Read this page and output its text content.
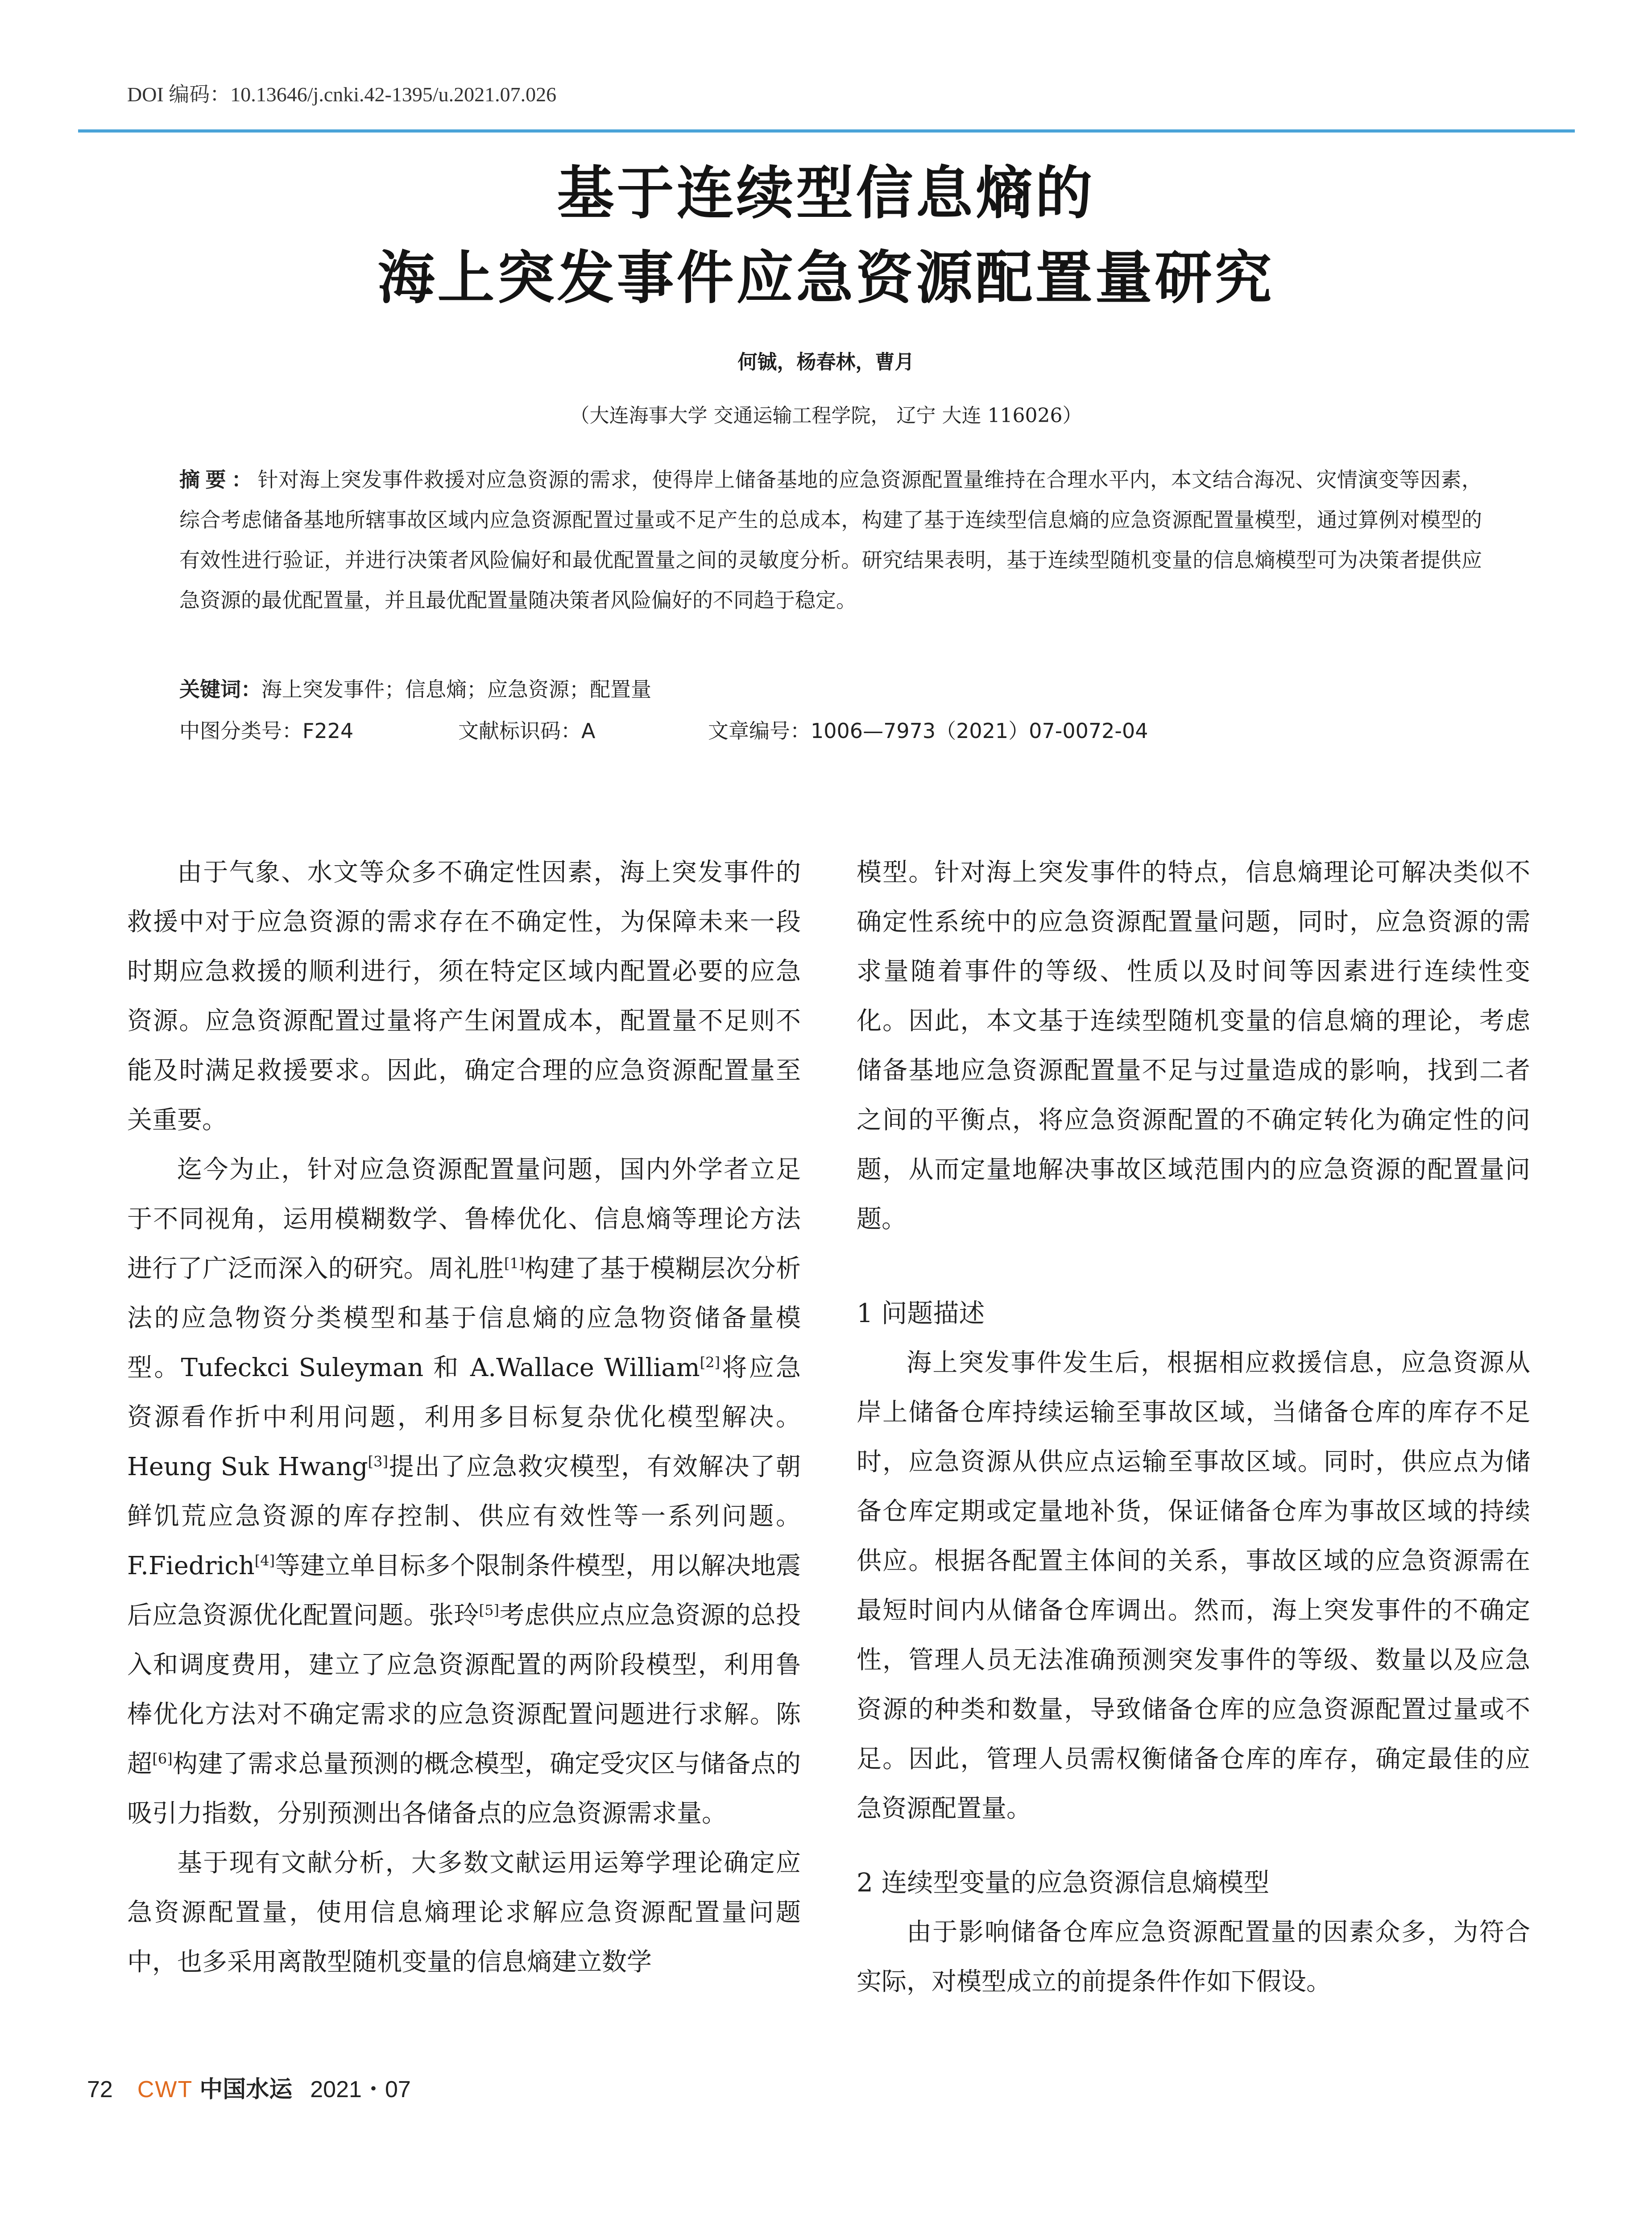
DOI 编码：10.13646/j.cnki.42-1395/u.2021.07.026
基于连续型信息熵的
海上突发事件应急资源配置量研究
何铖，杨春林，曹月
（大连海事大学 交通运输工程学院， 辽宁 大连 116026）
摘要：针对海上突发事件救援对应急资源的需求，使得岸上储备基地的应急资源配置量维持在合理水平内，本文结合海况、灾情演变等因素，综合考虑储备基地所辖事故区域内应急资源配置过量或不足产生的总成本，构建了基于连续型信息熵的应急资源配置量模型，通过算例对模型的有效性进行验证，并进行决策者风险偏好和最优配置量之间的灵敏度分析。研究结果表明，基于连续型随机变量的信息熵模型可为决策者提供应急资源的最优配置量，并且最优配置量随决策者风险偏好的不同趋于稳定。
关键词：海上突发事件；信息熵；应急资源；配置量
中图分类号：F224	文献标识码：A	文章编号：1006—7973（2021）07-0072-04

由于气象、水文等众多不确定性因素，海上突发事件的救援中对于应急资源的需求存在不确定性，为保障未来一段时期应急救援的顺利进行，须在特定区域内配置必要的应急资源。应急资源配置过量将产生闲置成本，配置量不足则不能及时满足救援要求。因此，确定合理的应急资源配置量至关重要。

迄今为止，针对应急资源配置量问题，国内外学者立足于不同视角，运用模糊数学、鲁棒优化、信息熵等理论方法进行了广泛而深入的研究。周礼胜[1]构建了基于模糊层次分析法的应急物资分类模型和基于信息熵的应急物资储备量模型。Tufeckci Suleyman 和 A.Wallace William[2]将应急资源看作折中利用问题，利用多目标复杂优化模型解决。Heung Suk Hwang[3]提出了应急救灾模型，有效解决了朝鲜饥荒应急资源的库存控制、供应有效性等一系列问题。F.Fiedrich[4]等建立单目标多个限制条件模型，用以解决地震后应急资源优化配置问题。张玲[5]考虑供应点应急资源的总投入和调度费用，建立了应急资源配置的两阶段模型，利用鲁棒优化方法对不确定需求的应急资源配置问题进行求解。陈超[6]构建了需求总量预测的概念模型，确定受灾区与储备点的吸引力指数，分别预测出各储备点的应急资源需求量。

基于现有文献分析，大多数文献运用运筹学理论确定应急资源配置量，使用信息熵理论求解应急资源配置量问题中，也多采用离散型随机变量的信息熵建立数学

模型。针对海上突发事件的特点，信息熵理论可解决类似不确定性系统中的应急资源配置量问题，同时，应急资源的需求量随着事件的等级、性质以及时间等因素进行连续性变化。因此，本文基于连续型随机变量的信息熵的理论，考虑储备基地应急资源配置量不足与过量造成的影响，找到二者之间的平衡点，将应急资源配置的不确定转化为确定性的问题，从而定量地解决事故区域范围内的应急资源的配置量问题。

1 问题描述

海上突发事件发生后，根据相应救援信息，应急资源从岸上储备仓库持续运输至事故区域，当储备仓库的库存不足时，应急资源从供应点运输至事故区域。同时，供应点为储备仓库定期或定量地补货，保证储备仓库为事故区域的持续供应。根据各配置主体间的关系，事故区域的应急资源需在最短时间内从储备仓库调出。然而，海上突发事件的不确定性，管理人员无法准确预测突发事件的等级、数量以及应急资源的种类和数量，导致储备仓库的应急资源配置过量或不足。因此，管理人员需权衡储备仓库的库存，确定最佳的应急资源配置量。

2 连续型变量的应急资源信息熵模型

由于影响储备仓库应急资源配置量的因素众多，为符合实际，对模型成立的前提条件作如下假设。

72 CWT 中国水运 2021・07
